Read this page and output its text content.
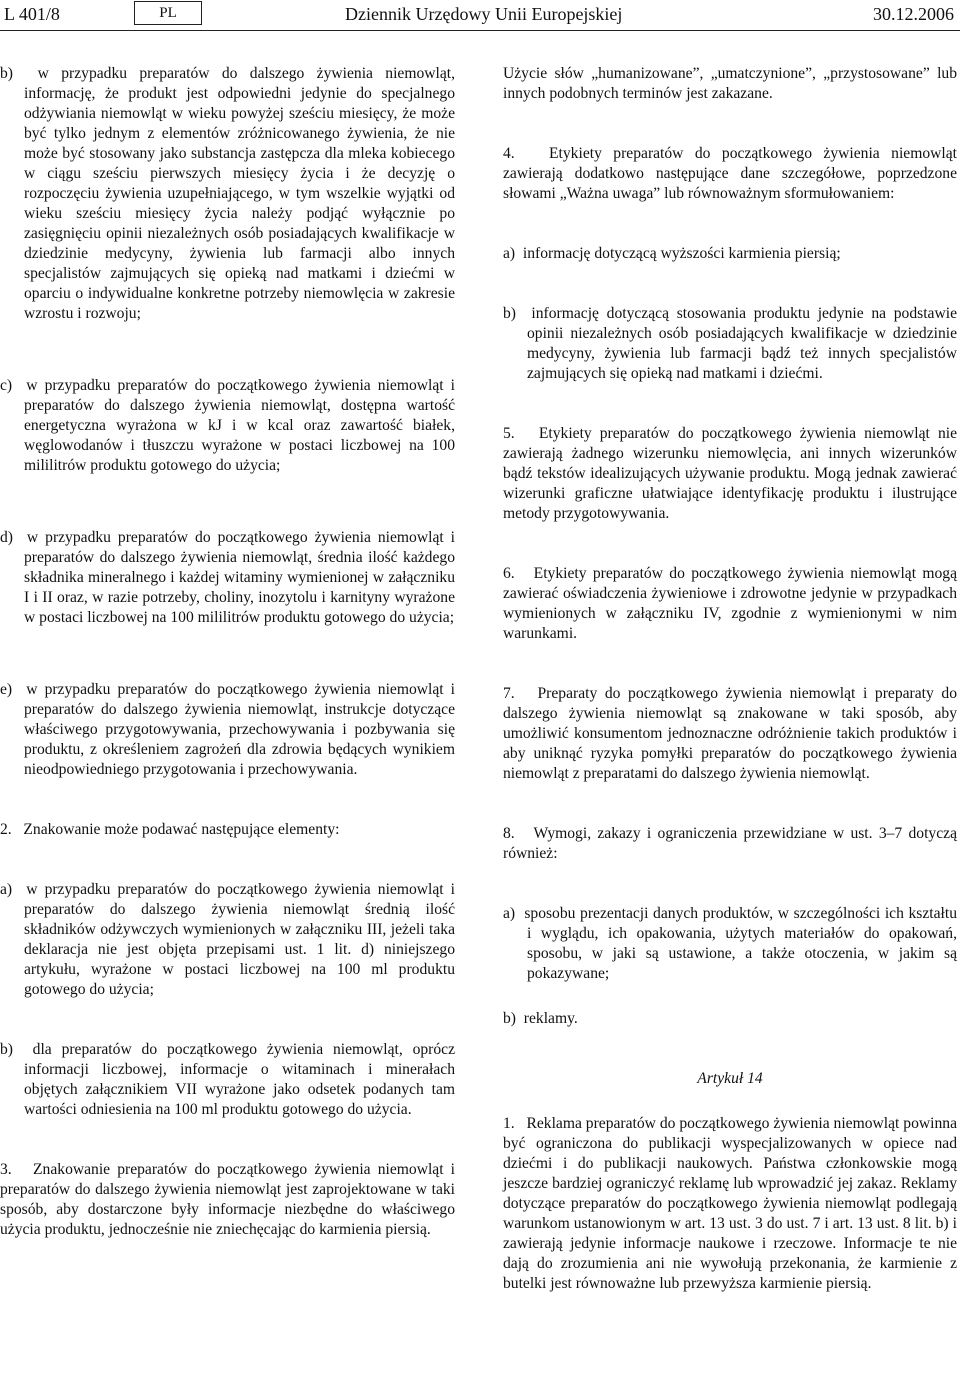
L 401/8	PL	Dziennik Urzędowy Unii Europejskiej	30.12.2006

b)  w przypadku preparatów do dalszego żywienia niemowląt, informację, że produkt jest odpowiedni jedynie do specjalnego odżywiania niemowląt w wieku powyżej sześciu miesięcy, że może być tylko jednym z elementów zróżnicowanego żywienia, że nie może być stosowany jako substancja zastępcza dla mleka kobiecego w ciągu sześciu pierwszych miesięcy życia i że decyzję o rozpoczęciu żywienia uzupełniającego, w tym wszelkie wyjątki od wieku sześciu miesięcy życia należy podjąć wyłącznie po zasięgnięciu opinii niezależnych osób posiadających kwalifikacje w dziedzinie medycyny, żywienia lub farmacji albo innych specjalistów zajmujących się opieką nad matkami i dziećmi w oparciu o indywidualne konkretne potrzeby niemowlęcia w zakresie wzrostu i rozwoju;

c)  w przypadku preparatów do początkowego żywienia niemowląt i preparatów do dalszego żywienia niemowląt, dostępna wartość energetyczna wyrażona w kJ i w kcal oraz zawartość białek, węglowodanów i tłuszczu wyrażone w postaci liczbowej na 100 mililitrów produktu gotowego do użycia;

d)  w przypadku preparatów do początkowego żywienia niemowląt i preparatów do dalszego żywienia niemowląt, średnia ilość każdego składnika mineralnego i każdej witaminy wymienionej w załączniku I i II oraz, w razie potrzeby, choliny, inozytolu i karnityny wyrażone w postaci liczbowej na 100 mililitrów produktu gotowego do użycia;

e)  w przypadku preparatów do początkowego żywienia niemowląt i preparatów do dalszego żywienia niemowląt, instrukcje dotyczące właściwego przygotowywania, przechowywania i pozbywania się produktu, z określeniem zagrożeń dla zdrowia będących wynikiem nieodpowiedniego przygotowania i przechowywania.

2.   Znakowanie może podawać następujące elementy:

a)  w przypadku preparatów do początkowego żywienia niemowląt i preparatów do dalszego żywienia niemowląt średnią ilość składników odżywczych wymienionych w załączniku III, jeżeli taka deklaracja nie jest objęta przepisami ust. 1 lit. d) niniejszego artykułu, wyrażone w postaci liczbowej na 100 ml produktu gotowego do użycia;

b)  dla preparatów do początkowego żywienia niemowląt, oprócz informacji liczbowej, informacje o witaminach i minerałach objętych załącznikiem VII wyrażone jako odsetek podanych tam wartości odniesienia na 100 ml produktu gotowego do użycia.

3.   Znakowanie preparatów do początkowego żywienia niemowląt i preparatów do dalszego żywienia niemowląt jest zaprojektowane w taki sposób, aby dostarczone były informacje niezbędne do właściwego użycia produktu, jednocześnie nie zniechęcając do karmienia piersią.

Użycie słów „humanizowane”, „umatczynione”, „przystosowane” lub innych podobnych terminów jest zakazane.

4.   Etykiety preparatów do początkowego żywienia niemowląt zawierają dodatkowo następujące dane szczegółowe, poprzedzone słowami „Ważna uwaga” lub równoważnym sformułowaniem:

a)  informację dotyczącą wyższości karmienia piersią;

b)  informację dotyczącą stosowania produktu jedynie na podstawie opinii niezależnych osób posiadających kwalifikacje w dziedzinie medycyny, żywienia lub farmacji bądź też innych specjalistów zajmujących się opieką nad matkami i dziećmi.

5.   Etykiety preparatów do początkowego żywienia niemowląt nie zawierają żadnego wizerunku niemowlęcia, ani innych wizerunków bądź tekstów idealizujących używanie produktu. Mogą jednak zawierać wizerunki graficzne ułatwiające identyfikację produktu i ilustrujące metody przygotowywania.

6.   Etykiety preparatów do początkowego żywienia niemowląt mogą zawierać oświadczenia żywieniowe i zdrowotne jedynie w przypadkach wymienionych w załączniku IV, zgodnie z wymienionymi w nim warunkami.

7.   Preparaty do początkowego żywienia niemowląt i preparaty do dalszego żywienia niemowląt są znakowane w taki sposób, aby umożliwić konsumentom jednoznaczne odróżnienie takich produktów i aby uniknąć ryzyka pomyłki preparatów do początkowego żywienia niemowląt z preparatami do dalszego żywienia niemowląt.

8.   Wymogi, zakazy i ograniczenia przewidziane w ust. 3–7 dotyczą również:

a)  sposobu prezentacji danych produktów, w szczególności ich kształtu i wyglądu, ich opakowania, użytych materiałów do opakowań, sposobu, w jaki są ustawione, a także otoczenia, w jakim są pokazywane;

b)  reklamy.

Artykuł 14

1.   Reklama preparatów do początkowego żywienia niemowląt powinna być ograniczona do publikacji wyspecjalizowanych w opiece nad dziećmi i do publikacji naukowych. Państwa członkowskie mogą jeszcze bardziej ograniczyć reklamę lub wprowadzić jej zakaz. Reklamy dotyczące preparatów do początkowego żywienia niemowląt podlegają warunkom ustanowionym w art. 13 ust. 3 do ust. 7 i art. 13 ust. 8 lit. b) i zawierają jedynie informacje naukowe i rzeczowe. Informacje te nie dają do zrozumienia ani nie wywołują przekonania, że karmienie z butelki jest równoważne lub przewyższa karmienie piersią.
